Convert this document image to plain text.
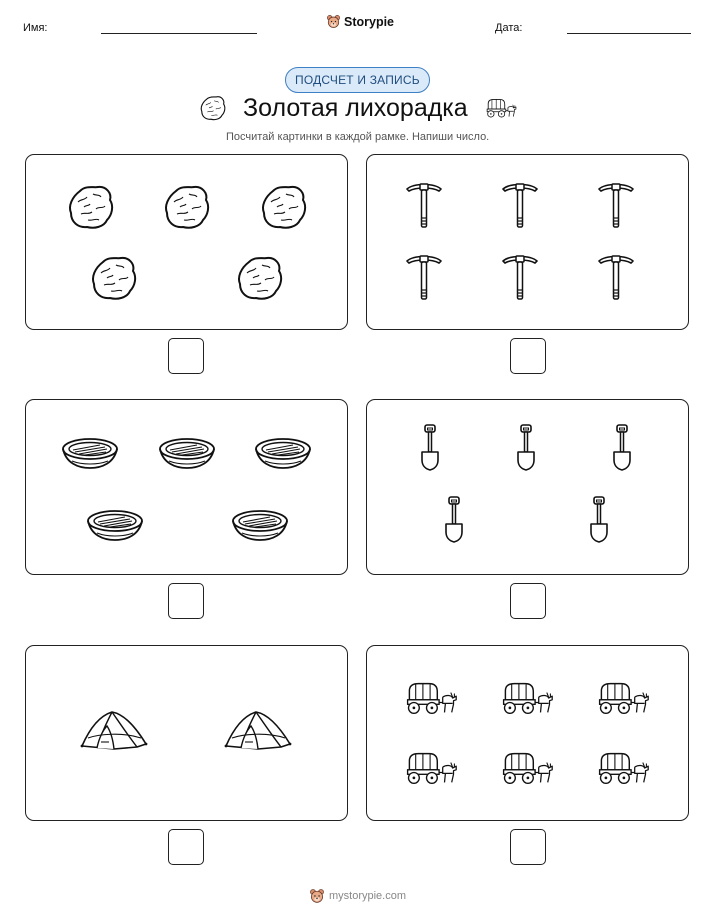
Имя:	Storypie	Дата:
ПОДСЧЕТ И ЗАПИСЬ
Золотая лихорадка
Посчитай картинки в каждой рамке. Напиши число.
mystorypie.com
